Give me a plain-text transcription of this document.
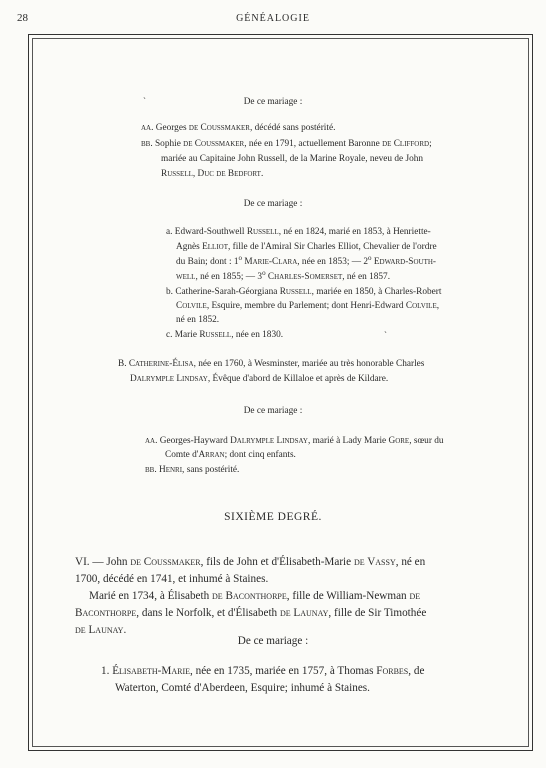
28	GÉNÉALOGIE
ˎ
ˋ
De ce mariage :
aa. Georges de Coussmaker, décédé sans postérité.
bb. Sophie de Coussmaker, née en 1791, actuellement Baronne de Clifford;
mariée au Capitaine John Russell, de la Marine Royale, neveu de John
Russell, Duc de Bedfort.
De ce mariage :
a. Edward-Southwell Russell, né en 1824, marié en 1853, à Henriette-
Agnès Elliot, fille de l'Amiral Sir Charles Elliot, Chevalier de l'ordre
du Bain; dont : 1$^o$ Marie-Clara, née en 1853; — 2$^o$ Edward-South-
well, né en 1855; — 3$^o$ Charles-Somerset, né en 1857.
b. Catherine-Sarah-Géorgiana Russell, mariée en 1850, à Charles-Robert
Colvile, Esquire, membre du Parlement; dont Henri-Edward Colvile,
né en 1852.
c. Marie Russell, née en 1830.
B. Catherine-Élisa, née en 1760, à Wesminster, mariée au très honorable Charles
Dalrymple Lindsay, Évêque d'abord de Killaloe et après de Kildare.
De ce mariage :
aa. Georges-Hayward Dalrymple Lindsay, marié à Lady Marie Gore, sœur du
Comte d'Arran; dont cinq enfants.
bb. Henri, sans postérité.
SIXIÈME DEGRÉ.
VI. — John de Coussmaker, fils de John et d'Élisabeth-Marie de Vassy, né en
1700, décédé en 1741, et inhumé à Staines.
Marié en 1734, à Élisabeth de Baconthorpe, fille de William-Newman de
Baconthorpe, dans le Norfolk, et d'Élisabeth de Launay, fille de Sir Timothée
de Launay.
De ce mariage :
1. Élisabeth-Marie, née en 1735, mariée en 1757, à Thomas Forbes, de
Waterton, Comté d'Aberdeen, Esquire; inhumé à Staines.
